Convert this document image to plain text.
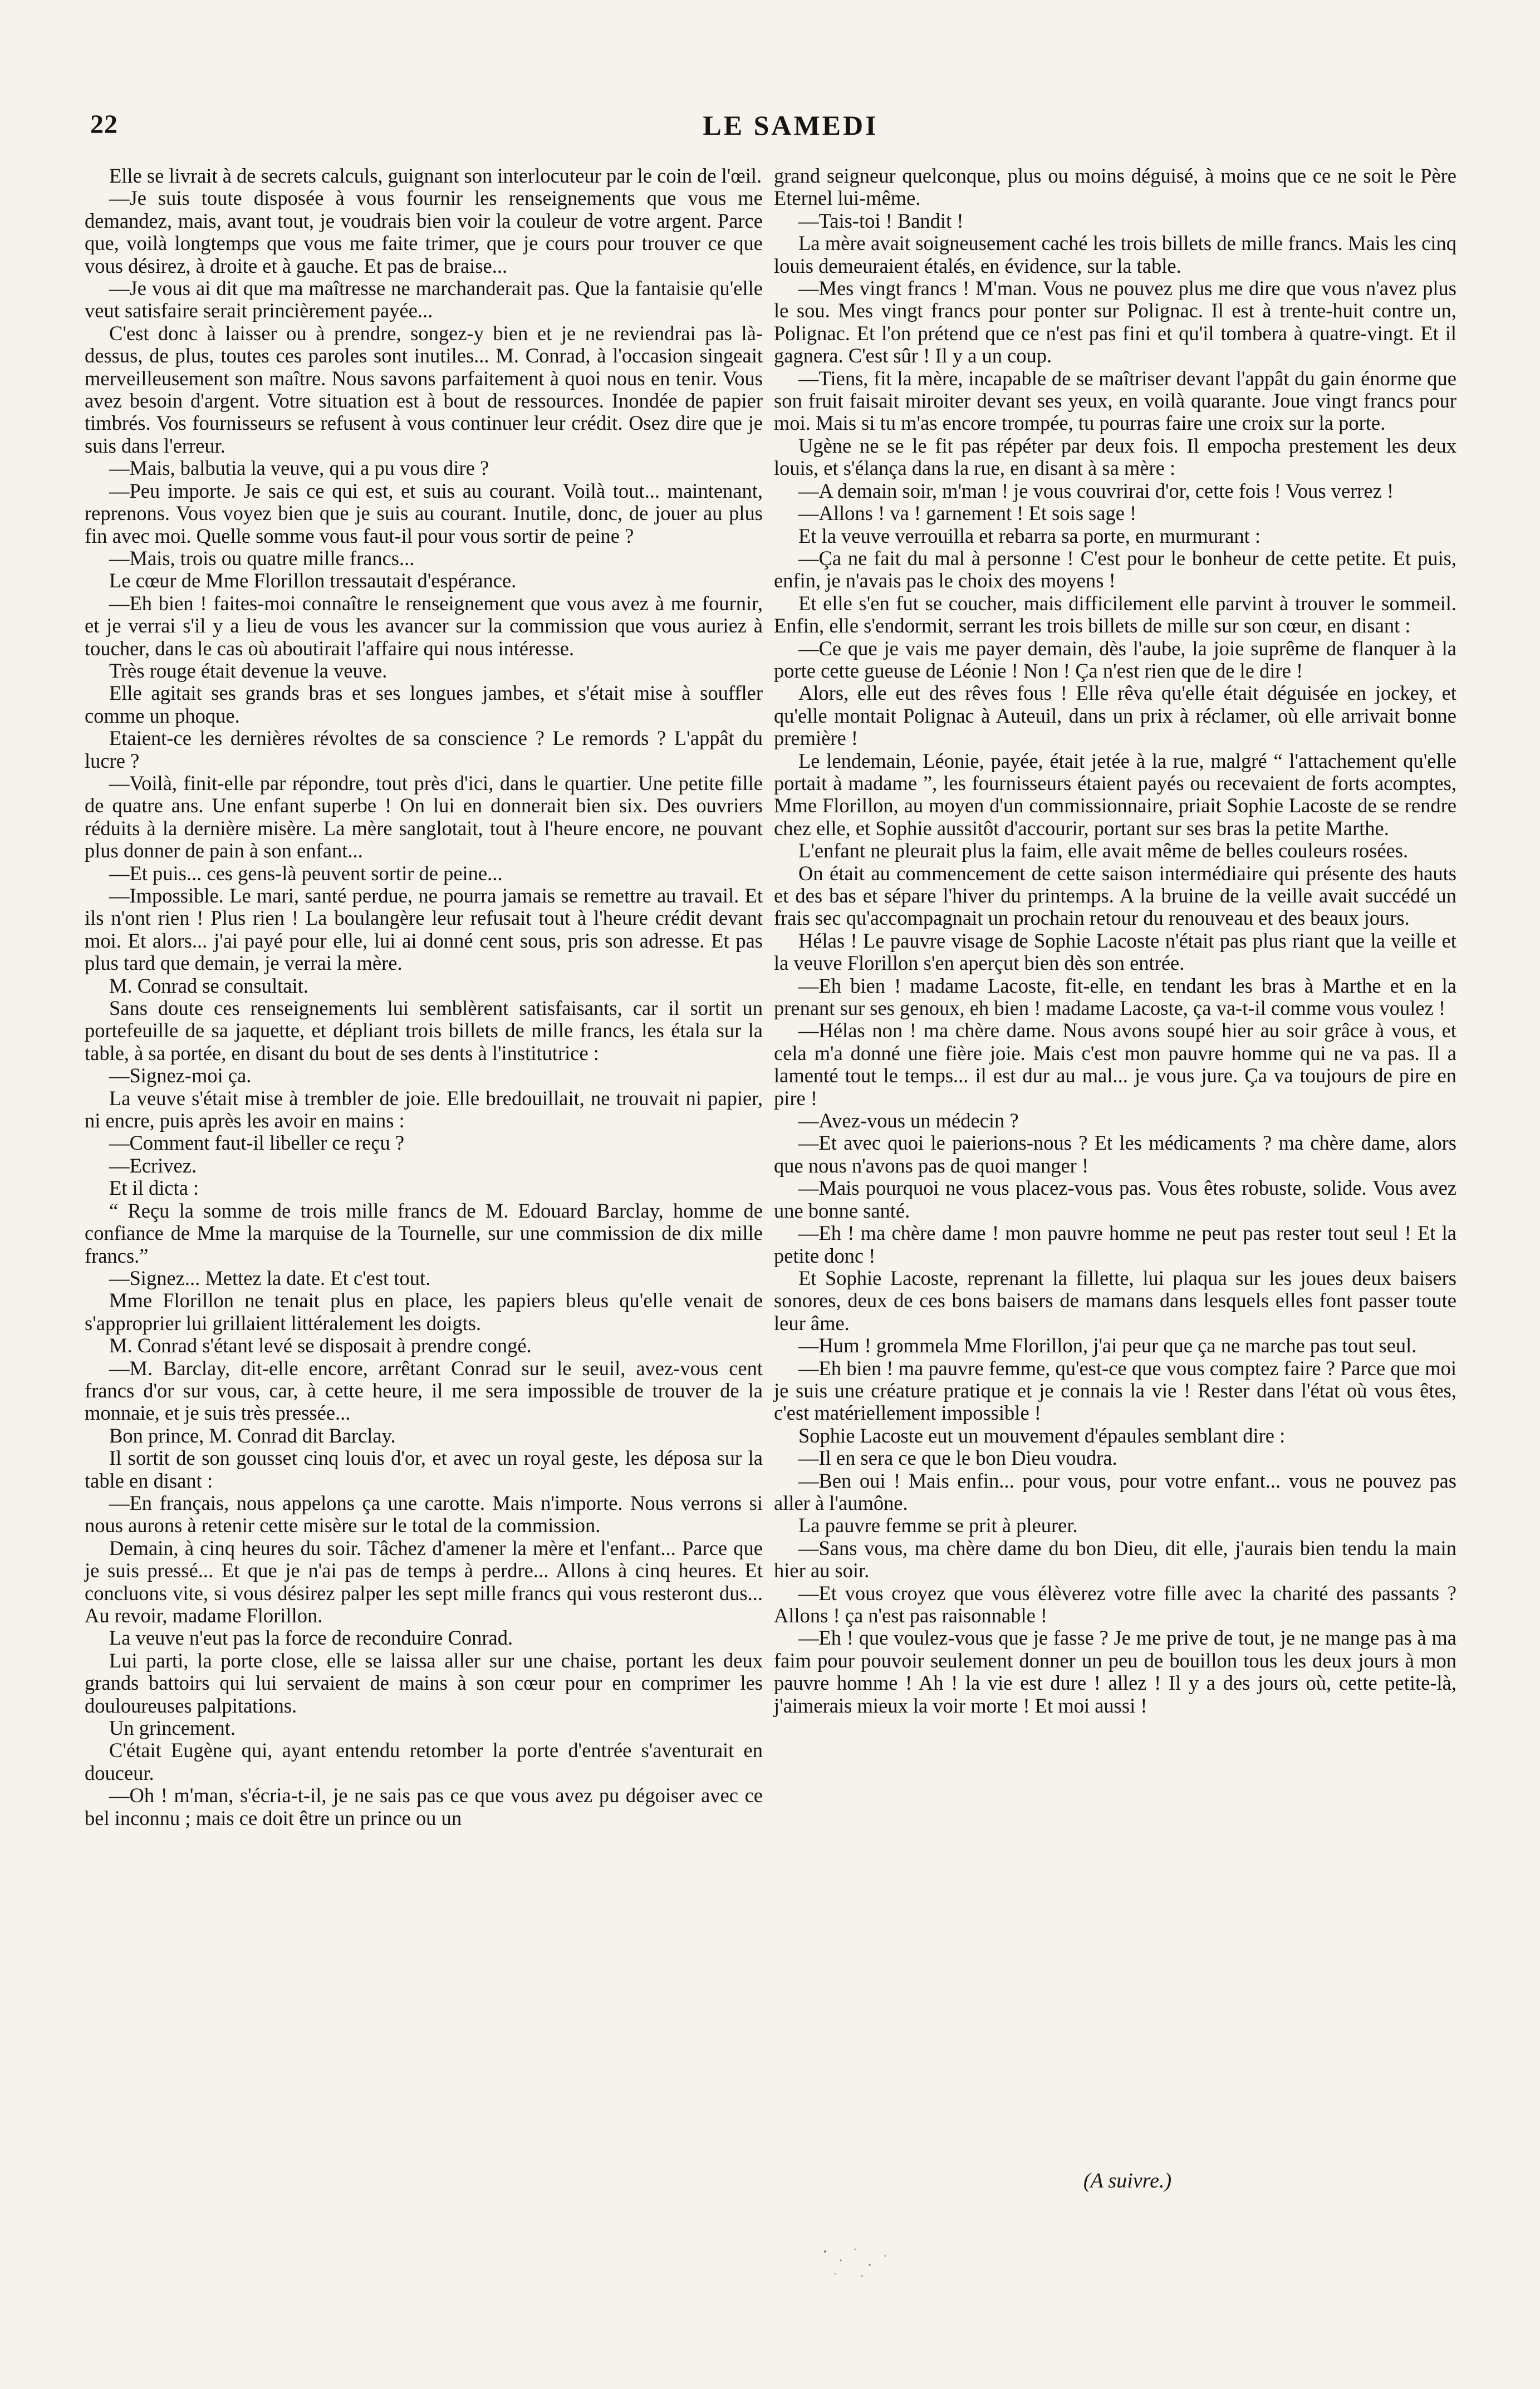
22	LE SAMEDI

Elle se livrait à de secrets calculs, guignant son interlocuteur par le coin de l'œil.

—Je suis toute disposée à vous fournir les renseignements que vous me demandez, mais, avant tout, je voudrais bien voir la couleur de votre argent. Parce que, voilà longtemps que vous me faite trimer, que je cours pour trouver ce que vous désirez, à droite et à gauche. Et pas de braise...

—Je vous ai dit que ma maîtresse ne marchanderait pas. Que la fantaisie qu'elle veut satisfaire serait princièrement payée...

C'est donc à laisser ou à prendre, songez-y bien et je ne reviendrai pas là-dessus, de plus, toutes ces paroles sont inutiles... M. Conrad, à l'occasion singeait merveilleusement son maître. Nous savons parfaitement à quoi nous en tenir. Vous avez besoin d'argent. Votre situation est à bout de ressources. Inondée de papier timbrés. Vos fournisseurs se refusent à vous continuer leur crédit. Osez dire que je suis dans l'erreur.

—Mais, balbutia la veuve, qui a pu vous dire ?

—Peu importe. Je sais ce qui est, et suis au courant. Voilà tout... maintenant, reprenons. Vous voyez bien que je suis au courant. Inutile, donc, de jouer au plus fin avec moi. Quelle somme vous faut-il pour vous sortir de peine ?

—Mais, trois ou quatre mille francs...

Le cœur de Mme Florillon tressautait d'espérance.

—Eh bien ! faites-moi connaître le renseignement que vous avez à me fournir, et je verrai s'il y a lieu de vous les avancer sur la commission que vous auriez à toucher, dans le cas où aboutirait l'affaire qui nous intéresse.

Très rouge était devenue la veuve.

Elle agitait ses grands bras et ses longues jambes, et s'était mise à souffler comme un phoque.

Etaient-ce les dernières révoltes de sa conscience ? Le remords ? L'appât du lucre ?

—Voilà, finit-elle par répondre, tout près d'ici, dans le quartier. Une petite fille de quatre ans. Une enfant superbe ! On lui en donnerait bien six. Des ouvriers réduits à la dernière misère. La mère sanglotait, tout à l'heure encore, ne pouvant plus donner de pain à son enfant...

—Et puis... ces gens-là peuvent sortir de peine...

—Impossible. Le mari, santé perdue, ne pourra jamais se remettre au travail. Et ils n'ont rien ! Plus rien ! La boulangère leur refusait tout à l'heure crédit devant moi. Et alors... j'ai payé pour elle, lui ai donné cent sous, pris son adresse. Et pas plus tard que demain, je verrai la mère.

M. Conrad se consultait.

Sans doute ces renseignements lui semblèrent satisfaisants, car il sortit un portefeuille de sa jaquette, et dépliant trois billets de mille francs, les étala sur la table, à sa portée, en disant du bout de ses dents à l'institutrice :

—Signez-moi ça.

La veuve s'était mise à trembler de joie. Elle bredouillait, ne trouvait ni papier, ni encre, puis après les avoir en mains :

—Comment faut-il libeller ce reçu ?

—Ecrivez.

Et il dicta :

“ Reçu la somme de trois mille francs de M. Edouard Barclay, homme de confiance de Mme la marquise de la Tournelle, sur une commission de dix mille francs.”

—Signez... Mettez la date. Et c'est tout.

Mme Florillon ne tenait plus en place, les papiers bleus qu'elle venait de s'approprier lui grillaient littéralement les doigts.

M. Conrad s'étant levé se disposait à prendre congé.

—M. Barclay, dit-elle encore, arrêtant Conrad sur le seuil, avez-vous cent francs d'or sur vous, car, à cette heure, il me sera impossible de trouver de la monnaie, et je suis très pressée...

Bon prince, M. Conrad dit Barclay.

Il sortit de son gousset cinq louis d'or, et avec un royal geste, les déposa sur la table en disant :

—En français, nous appelons ça une carotte. Mais n'importe. Nous verrons si nous aurons à retenir cette misère sur le total de la commission.

Demain, à cinq heures du soir. Tâchez d'amener la mère et l'enfant... Parce que je suis pressé... Et que je n'ai pas de temps à perdre... Allons à cinq heures. Et concluons vite, si vous désirez palper les sept mille francs qui vous resteront dus... Au revoir, madame Florillon.

La veuve n'eut pas la force de reconduire Conrad.

Lui parti, la porte close, elle se laissa aller sur une chaise, portant les deux grands battoirs qui lui servaient de mains à son cœur pour en comprimer les douloureuses palpitations.

Un grincement.

C'était Eugène qui, ayant entendu retomber la porte d'entrée s'aventurait en douceur.

—Oh ! m'man, s'écria-t-il, je ne sais pas ce que vous avez pu dégoiser avec ce bel inconnu ; mais ce doit être un prince ou un

grand seigneur quelconque, plus ou moins déguisé, à moins que ce ne soit le Père Eternel lui-même.

—Tais-toi ! Bandit !

La mère avait soigneusement caché les trois billets de mille francs. Mais les cinq louis demeuraient étalés, en évidence, sur la table.

—Mes vingt francs ! M'man. Vous ne pouvez plus me dire que vous n'avez plus le sou. Mes vingt francs pour ponter sur Polignac. Il est à trente-huit contre un, Polignac. Et l'on prétend que ce n'est pas fini et qu'il tombera à quatre-vingt. Et il gagnera. C'est sûr ! Il y a un coup.

—Tiens, fit la mère, incapable de se maîtriser devant l'appât du gain énorme que son fruit faisait miroiter devant ses yeux, en voilà quarante. Joue vingt francs pour moi. Mais si tu m'as encore trompée, tu pourras faire une croix sur la porte.

Ugène ne se le fit pas répéter par deux fois. Il empocha prestement les deux louis, et s'élança dans la rue, en disant à sa mère :

—A demain soir, m'man ! je vous couvrirai d'or, cette fois ! Vous verrez !

—Allons ! va ! garnement ! Et sois sage !

Et la veuve verrouilla et rebarra sa porte, en murmurant :

—Ça ne fait du mal à personne ! C'est pour le bonheur de cette petite. Et puis, enfin, je n'avais pas le choix des moyens !

Et elle s'en fut se coucher, mais difficilement elle parvint à trouver le sommeil. Enfin, elle s'endormit, serrant les trois billets de mille sur son cœur, en disant :

—Ce que je vais me payer demain, dès l'aube, la joie suprême de flanquer à la porte cette gueuse de Léonie ! Non ! Ça n'est rien que de le dire !

Alors, elle eut des rêves fous ! Elle rêva qu'elle était déguisée en jockey, et qu'elle montait Polignac à Auteuil, dans un prix à réclamer, où elle arrivait bonne première !

Le lendemain, Léonie, payée, était jetée à la rue, malgré “ l'attachement qu'elle portait à madame ”, les fournisseurs étaient payés ou recevaient de forts acomptes, Mme Florillon, au moyen d'un commissionnaire, priait Sophie Lacoste de se rendre chez elle, et Sophie aussitôt d'accourir, portant sur ses bras la petite Marthe.

L'enfant ne pleurait plus la faim, elle avait même de belles couleurs rosées.

On était au commencement de cette saison intermédiaire qui présente des hauts et des bas et sépare l'hiver du printemps. A la bruine de la veille avait succédé un frais sec qu'accompagnait un prochain retour du renouveau et des beaux jours.

Hélas ! Le pauvre visage de Sophie Lacoste n'était pas plus riant que la veille et la veuve Florillon s'en aperçut bien dès son entrée.

—Eh bien ! madame Lacoste, fit-elle, en tendant les bras à Marthe et en la prenant sur ses genoux, eh bien ! madame Lacoste, ça va-t-il comme vous voulez !

—Hélas non ! ma chère dame. Nous avons soupé hier au soir grâce à vous, et cela m'a donné une fière joie. Mais c'est mon pauvre homme qui ne va pas. Il a lamenté tout le temps... il est dur au mal... je vous jure. Ça va toujours de pire en pire !

—Avez-vous un médecin ?

—Et avec quoi le paierions-nous ? Et les médicaments ? ma chère dame, alors que nous n'avons pas de quoi manger !

—Mais pourquoi ne vous placez-vous pas. Vous êtes robuste, solide. Vous avez une bonne santé.

—Eh ! ma chère dame ! mon pauvre homme ne peut pas rester tout seul ! Et la petite donc !

Et Sophie Lacoste, reprenant la fillette, lui plaqua sur les joues deux baisers sonores, deux de ces bons baisers de mamans dans lesquels elles font passer toute leur âme.

—Hum ! grommela Mme Florillon, j'ai peur que ça ne marche pas tout seul.

—Eh bien ! ma pauvre femme, qu'est-ce que vous comptez faire ? Parce que moi je suis une créature pratique et je connais la vie ! Rester dans l'état où vous êtes, c'est matériellement impossible !

Sophie Lacoste eut un mouvement d'épaules semblant dire :

—Il en sera ce que le bon Dieu voudra.

—Ben oui ! Mais enfin... pour vous, pour votre enfant... vous ne pouvez pas aller à l'aumône.

La pauvre femme se prit à pleurer.

—Sans vous, ma chère dame du bon Dieu, dit elle, j'aurais bien tendu la main hier au soir.

—Et vous croyez que vous élèverez votre fille avec la charité des passants ? Allons ! ça n'est pas raisonnable !

—Eh ! que voulez-vous que je fasse ? Je me prive de tout, je ne mange pas à ma faim pour pouvoir seulement donner un peu de bouillon tous les deux jours à mon pauvre homme ! Ah ! la vie est dure ! allez ! Il y a des jours où, cette petite-là, j'aimerais mieux la voir morte ! Et moi aussi !

(A suivre.)
